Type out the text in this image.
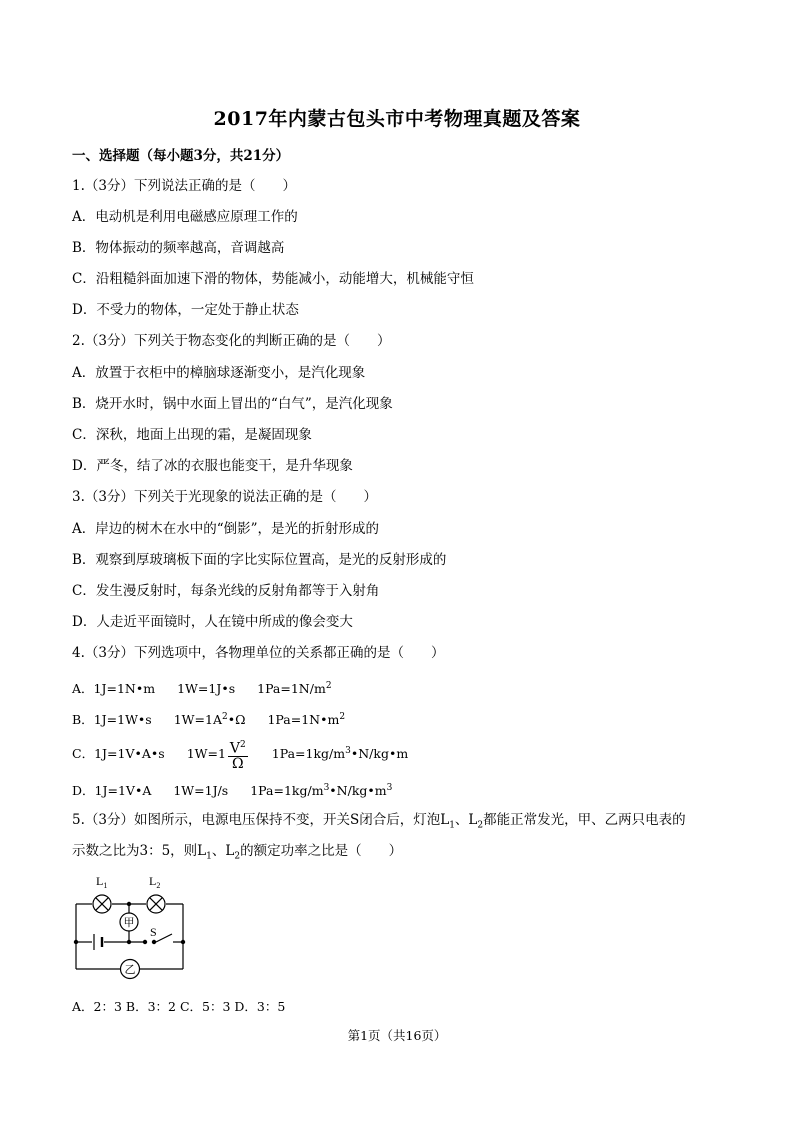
2017年内蒙古包头市中考物理真题及答案
一、选择题（每小题3分，共21分）
1.（3分）下列说法正确的是（　　）
A．电动机是利用电磁感应原理工作的
B．物体振动的频率越高，音调越高
C．沿粗糙斜面加速下滑的物体，势能减小，动能增大，机械能守恒
D．不受力的物体，一定处于静止状态
2.（3分）下列关于物态变化的判断正确的是（　　）
A．放置于衣柜中的樟脑球逐渐变小，是汽化现象
B．烧开水时，锅中水面上冒出的“白气”，是汽化现象
C．深秋，地面上出现的霜，是凝固现象
D．严冬，结了冰的衣服也能变干，是升华现象
3.（3分）下列关于光现象的说法正确的是（　　）
A．岸边的树木在水中的“倒影”，是光的折射形成的
B．观察到厚玻璃板下面的字比实际位置高，是光的反射形成的
C．发生漫反射时，每条光线的反射角都等于入射角
D．人走近平面镜时，人在镜中所成的像会变大
4.（3分）下列选项中，各物理单位的关系都正确的是（　　）
A．1J=1N•m 1W=1J•s $1Pa=1N/m^2$
B．1J=1W•s $1W=1A^2•\Omega$ $1Pa=1N•m^2$
C．1J=1V•A•s $1W=1 \frac{V^2}{\Omega}$ $1Pa=1kg/m^3•N/kg•m$
D．1J=1V•A 1W=1J/s $1Pa=1kg/m^3•N/kg•m^3$
5.（3分）如图所示，电源电压保持不变，开关S闭合后，灯泡$L_1$、$L_2$都能正常发光，甲、乙两只电表的
示数之比为3：5，则$L_1$、$L_2$的额定功率之比是（　　）
S
$L_1$	$L_2$
甲
乙
A．2：3 B．3：2 C．5：3 D．3：5
第1页（共16页）
